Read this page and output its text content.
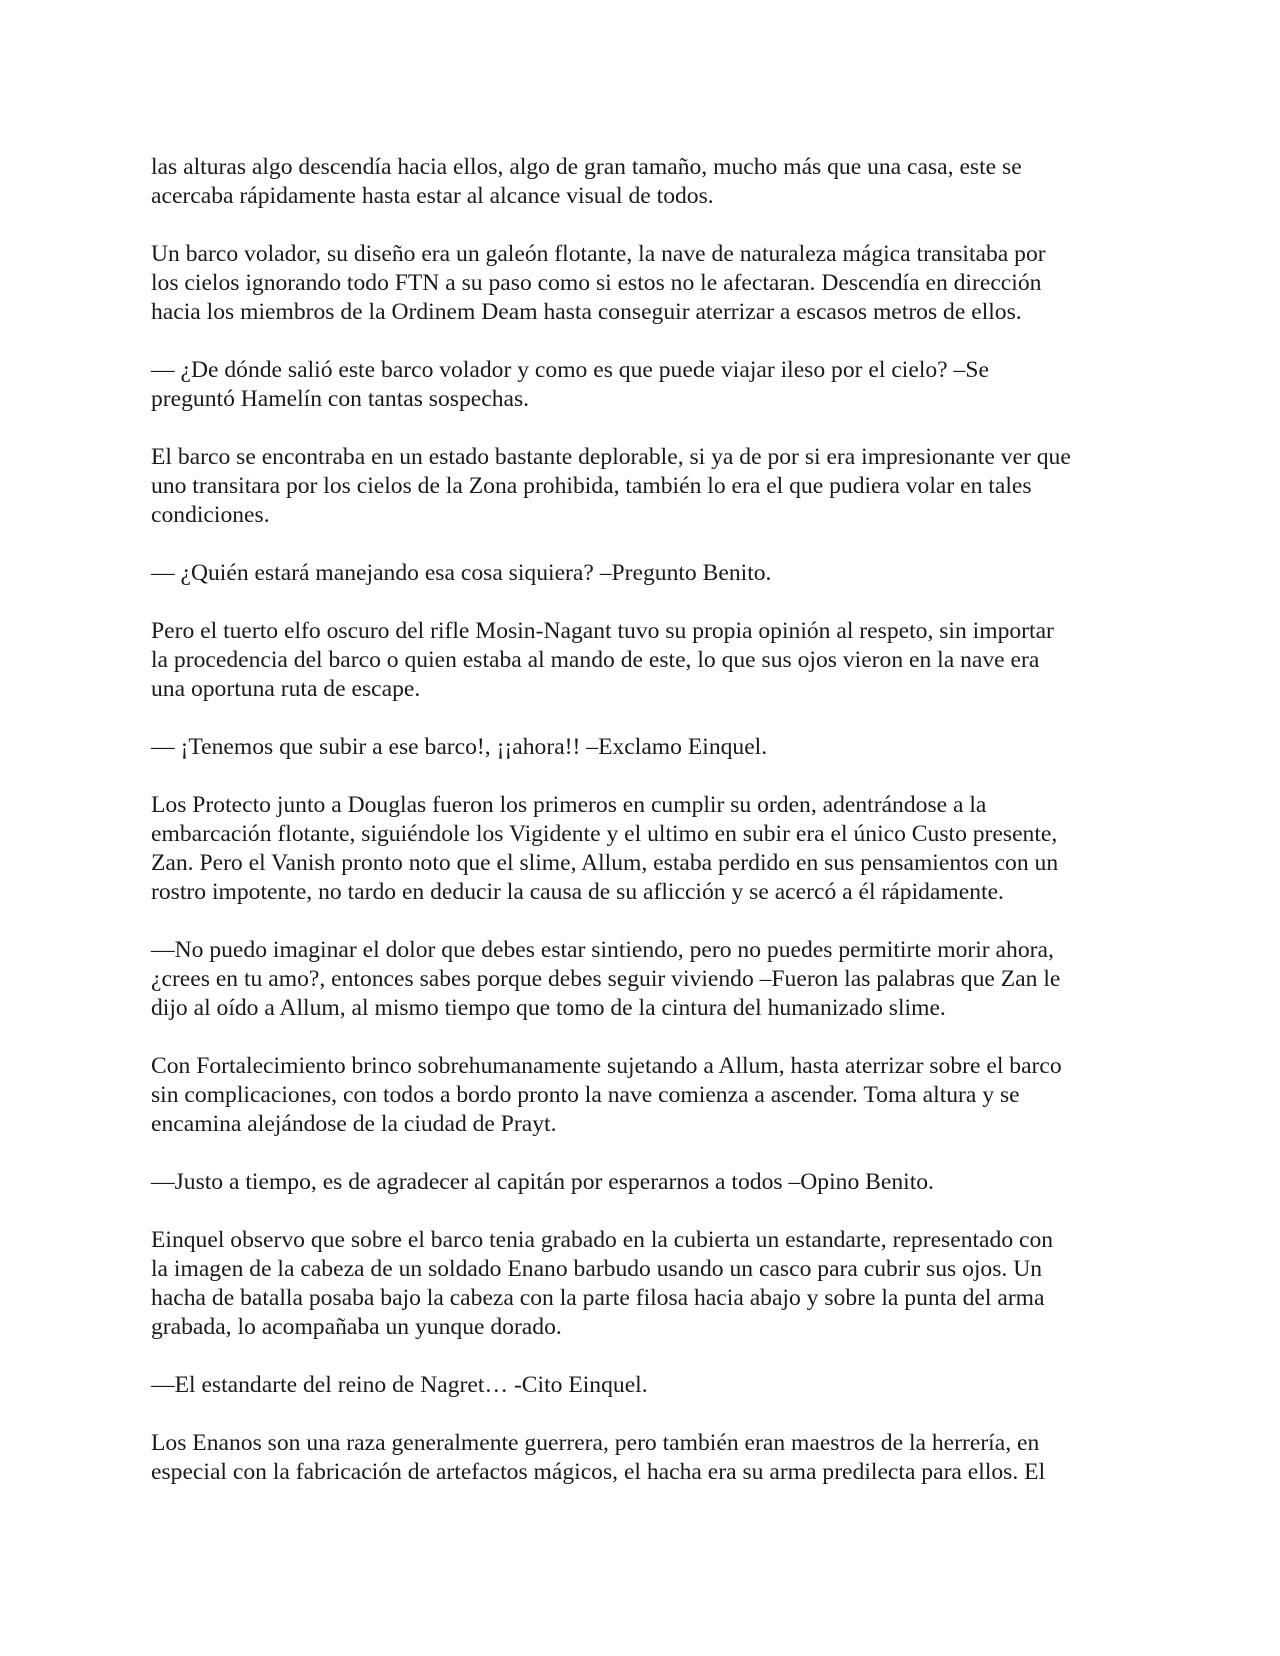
las alturas algo descendía hacia ellos, algo de gran tamaño, mucho más que una casa, este se
acercaba rápidamente hasta estar al alcance visual de todos.

Un barco volador, su diseño era un galeón flotante, la nave de naturaleza mágica transitaba por
los cielos ignorando todo FTN a su paso como si estos no le afectaran. Descendía en dirección
hacia los miembros de la Ordinem Deam hasta conseguir aterrizar a escasos metros de ellos.

— ¿De dónde salió este barco volador y como es que puede viajar ileso por el cielo? –Se
preguntó Hamelín con tantas sospechas.

El barco se encontraba en un estado bastante deplorable, si ya de por si era impresionante ver que
uno transitara por los cielos de la Zona prohibida, también lo era el que pudiera volar en tales
condiciones.

— ¿Quién estará manejando esa cosa siquiera? –Pregunto Benito.

Pero el tuerto elfo oscuro del rifle Mosin-Nagant tuvo su propia opinión al respeto, sin importar
la procedencia del barco o quien estaba al mando de este, lo que sus ojos vieron en la nave era
una oportuna ruta de escape.

— ¡Tenemos que subir a ese barco!, ¡¡ahora!! –Exclamo Einquel.

Los Protecto junto a Douglas fueron los primeros en cumplir su orden, adentrándose a la
embarcación flotante, siguiéndole los Vigidente y el ultimo en subir era el único Custo presente,
Zan. Pero el Vanish pronto noto que el slime, Allum, estaba perdido en sus pensamientos con un
rostro impotente, no tardo en deducir la causa de su aflicción y se acercó a él rápidamente.

—No puedo imaginar el dolor que debes estar sintiendo, pero no puedes permitirte morir ahora,
¿crees en tu amo?, entonces sabes porque debes seguir viviendo –Fueron las palabras que Zan le
dijo al oído a Allum, al mismo tiempo que tomo de la cintura del humanizado slime.

Con Fortalecimiento brinco sobrehumanamente sujetando a Allum, hasta aterrizar sobre el barco
sin complicaciones, con todos a bordo pronto la nave comienza a ascender. Toma altura y se
encamina alejándose de la ciudad de Prayt.

—Justo a tiempo, es de agradecer al capitán por esperarnos a todos –Opino Benito.

Einquel observo que sobre el barco tenia grabado en la cubierta un estandarte, representado con
la imagen de la cabeza de un soldado Enano barbudo usando un casco para cubrir sus ojos. Un
hacha de batalla posaba bajo la cabeza con la parte filosa hacia abajo y sobre la punta del arma
grabada, lo acompañaba un yunque dorado.

—El estandarte del reino de Nagret… -Cito Einquel.

Los Enanos son una raza generalmente guerrera, pero también eran maestros de la herrería, en
especial con la fabricación de artefactos mágicos, el hacha era su arma predilecta para ellos. El
